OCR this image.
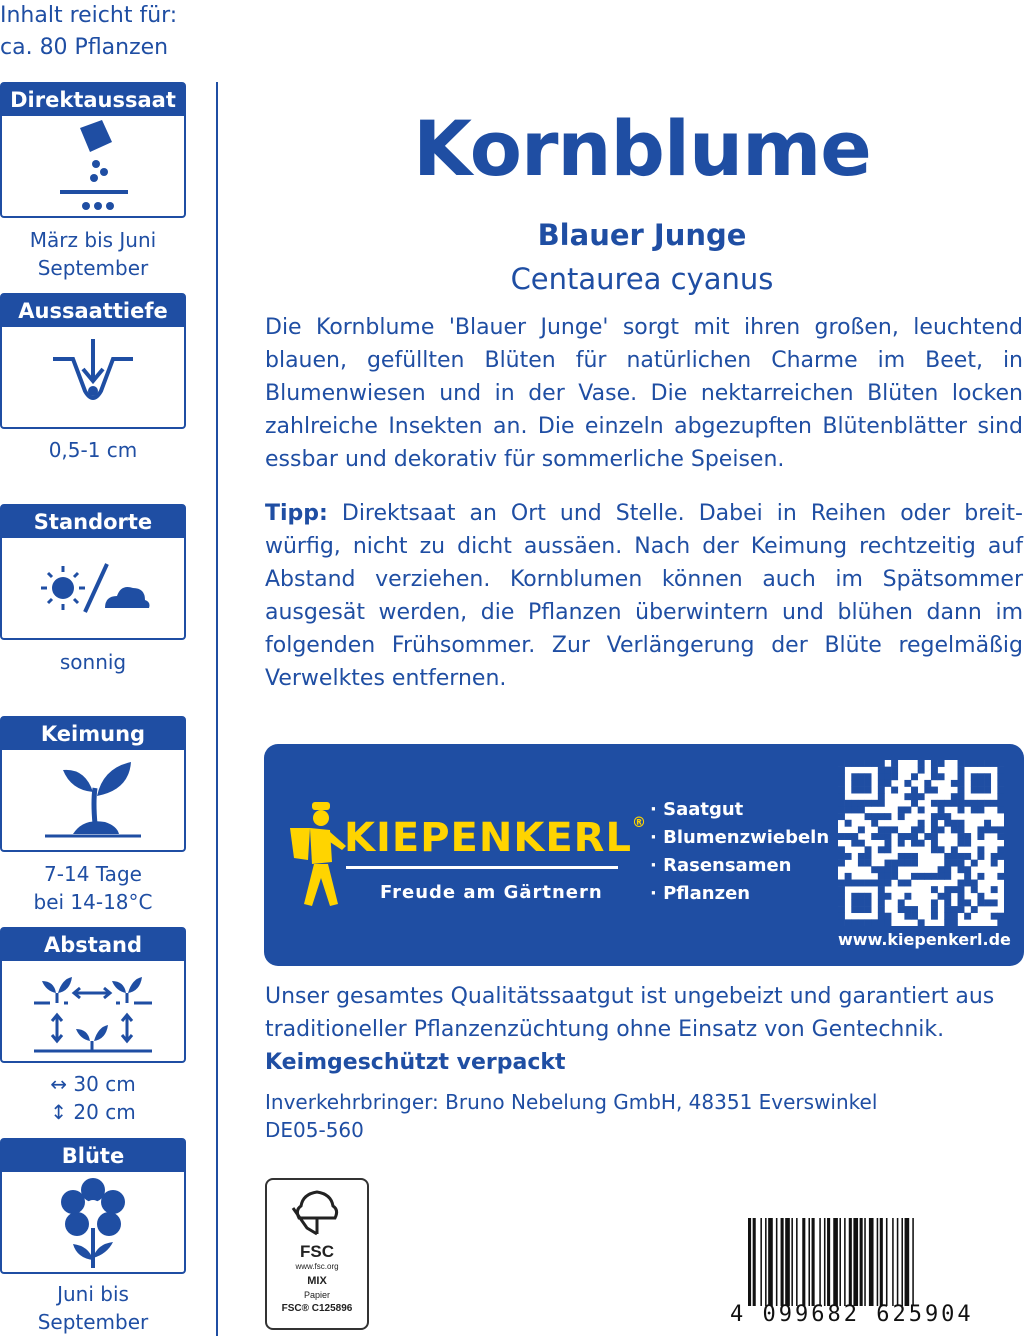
Inhalt reicht für:
ca. 80 Pflanzen
Direktaussaat
März bis Juni
September
Aussaattiefe
0,5-1 cm
Standorte
sonnig
Keimung
7-14 Tage
bei 14-18°C
Abstand
↔ 30 cm
↕ 20 cm
Blüte
Juni bis
September
Kornblume
Blauer Junge
Centaurea cyanus
Die Kornblume 'Blauer Junge' sorgt mit ihren großen, leuchtend blauen, gefüllten Blüten für natürlichen Charme im Beet, in Blumenwiesen und in der Vase. Die nektarreichen Blüten locken zahlreiche Insekten an. Die einzeln abgezupften Blütenblätter sind essbar und dekorativ für sommerliche Speisen.
Tipp: Direktsaat an Ort und Stelle. Dabei in Reihen oder breit-würfig, nicht zu dicht aussäen. Nach der Keimung rechtzeitig auf Abstand verziehen. Kornblumen können auch im Spätsommer ausgesät werden, die Pflanzen überwintern und blühen dann im folgenden Frühsommer. Zur Verlängerung der Blüte regelmäßig Verwelktes entfernen.
KIEPENKERL®
Freude am Gärtnern
· Saatgut
· Blumenzwiebeln
· Rasensamen
· Pflanzen
www.kiepenkerl.de
Unser gesamtes Qualitätssaatgut ist ungebeizt und garantiert aus traditioneller Pflanzenzüchtung ohne Einsatz von Gentechnik.
Keimgeschützt verpackt
Inverkehrbringer: Bruno Nebelung GmbH, 48351 Everswinkel
DE05-560
FSC
www.fsc.org
MIX
Papier
FSC® C125896	4 099682 625904
